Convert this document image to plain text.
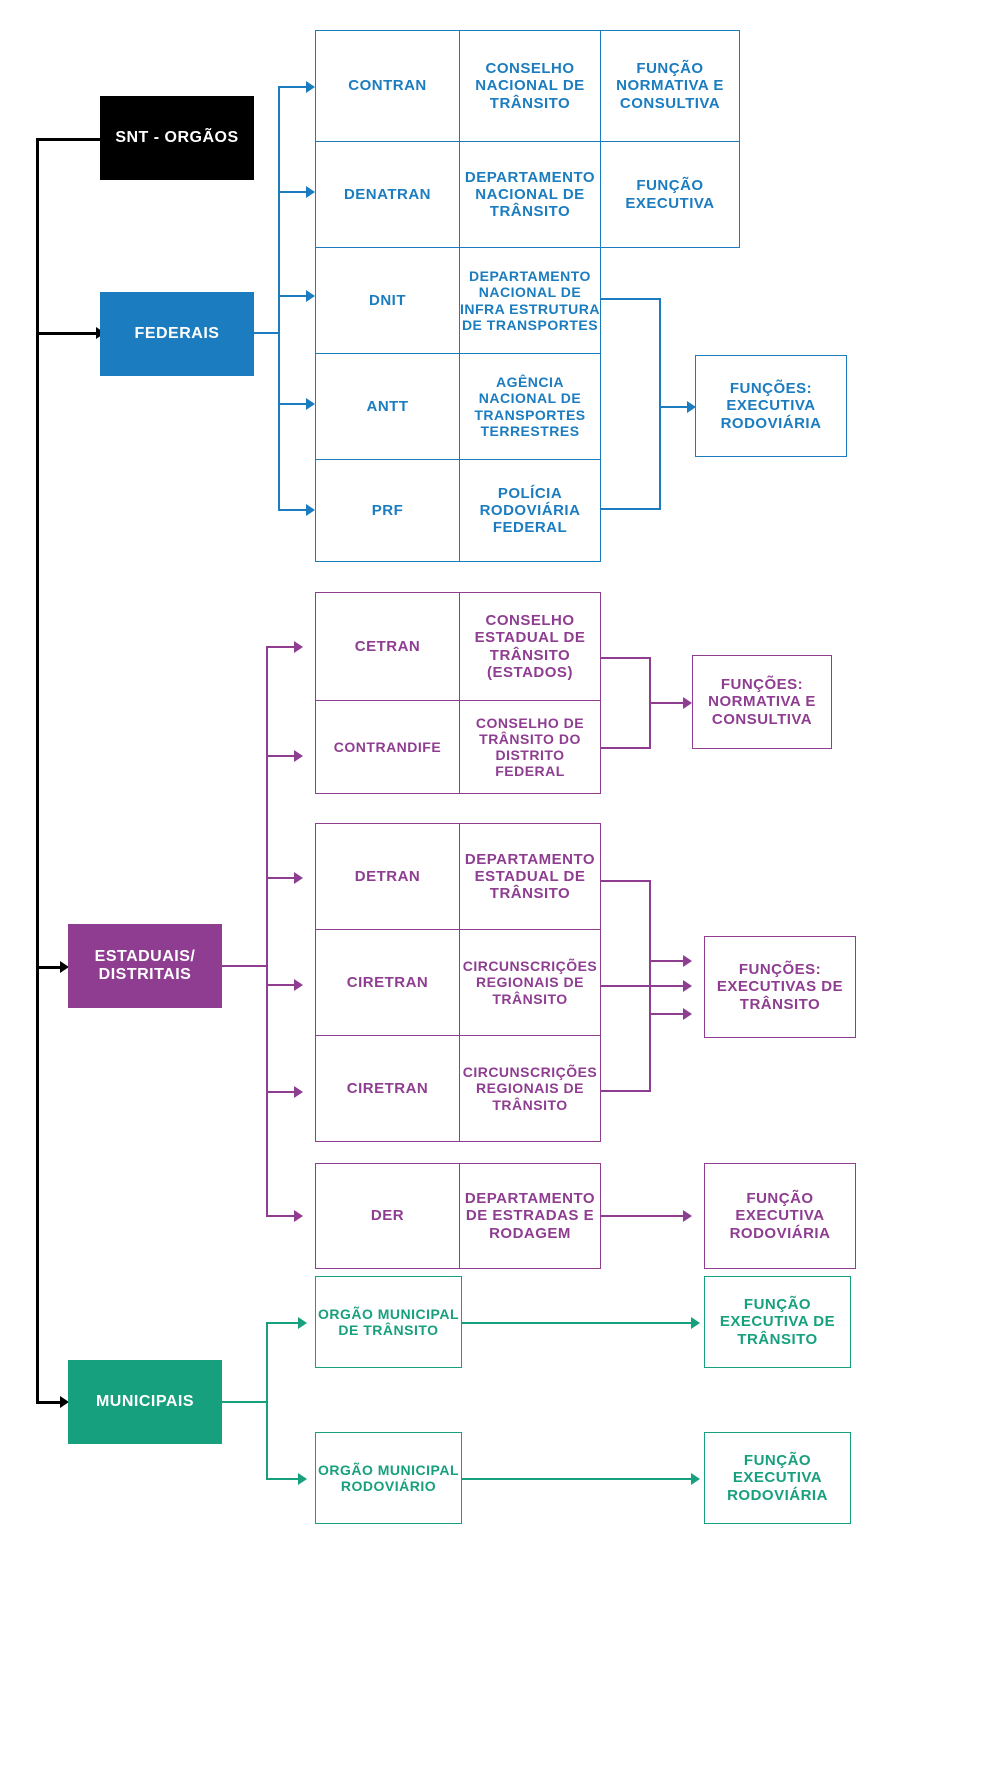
SNT - ORGÃOS
FEDERAIS
CONTRAN
CONSELHO
NACIONAL DE
TRÂNSITO
FUNÇÃO
NORMATIVA E
CONSULTIVA
DENATRAN
DEPARTAMENTO
NACIONAL DE
TRÂNSITO
FUNÇÃO
EXECUTIVA
DNIT
DEPARTAMENTO
NACIONAL DE
INFRA ESTRUTURA
DE TRANSPORTES
ANTT
AGÊNCIA
NACIONAL DE
TRANSPORTES
TERRESTRES
PRF
POLÍCIA
RODOVIÁRIA
FEDERAL
FUNÇÕES:
EXECUTIVA
RODOVIÁRIA
ESTADUAIS/
DISTRITAIS
CETRAN
CONSELHO
ESTADUAL DE
TRÂNSITO
(ESTADOS)
CONTRANDIFE
CONSELHO DE
TRÂNSITO DO
DISTRITO FEDERAL
FUNÇÕES:
NORMATIVA E
CONSULTIVA
DETRAN
DEPARTAMENTO
ESTADUAL DE
TRÂNSITO
CIRETRAN
CIRCUNSCRIÇÕES
REGIONAIS DE
TRÂNSITO
CIRETRAN
CIRCUNSCRIÇÕES
REGIONAIS DE
TRÂNSITO
FUNÇÕES:
EXECUTIVAS DE
TRÂNSITO
DER
DEPARTAMENTO
DE ESTRADAS E
RODAGEM
FUNÇÃO
EXECUTIVA
RODOVIÁRIA
MUNICIPAIS
ORGÃO MUNICIPAL
DE TRÂNSITO
FUNÇÃO
EXECUTIVA DE
TRÂNSITO
ORGÃO MUNICIPAL
RODOVIÁRIO
FUNÇÃO
EXECUTIVA
RODOVIÁRIA
